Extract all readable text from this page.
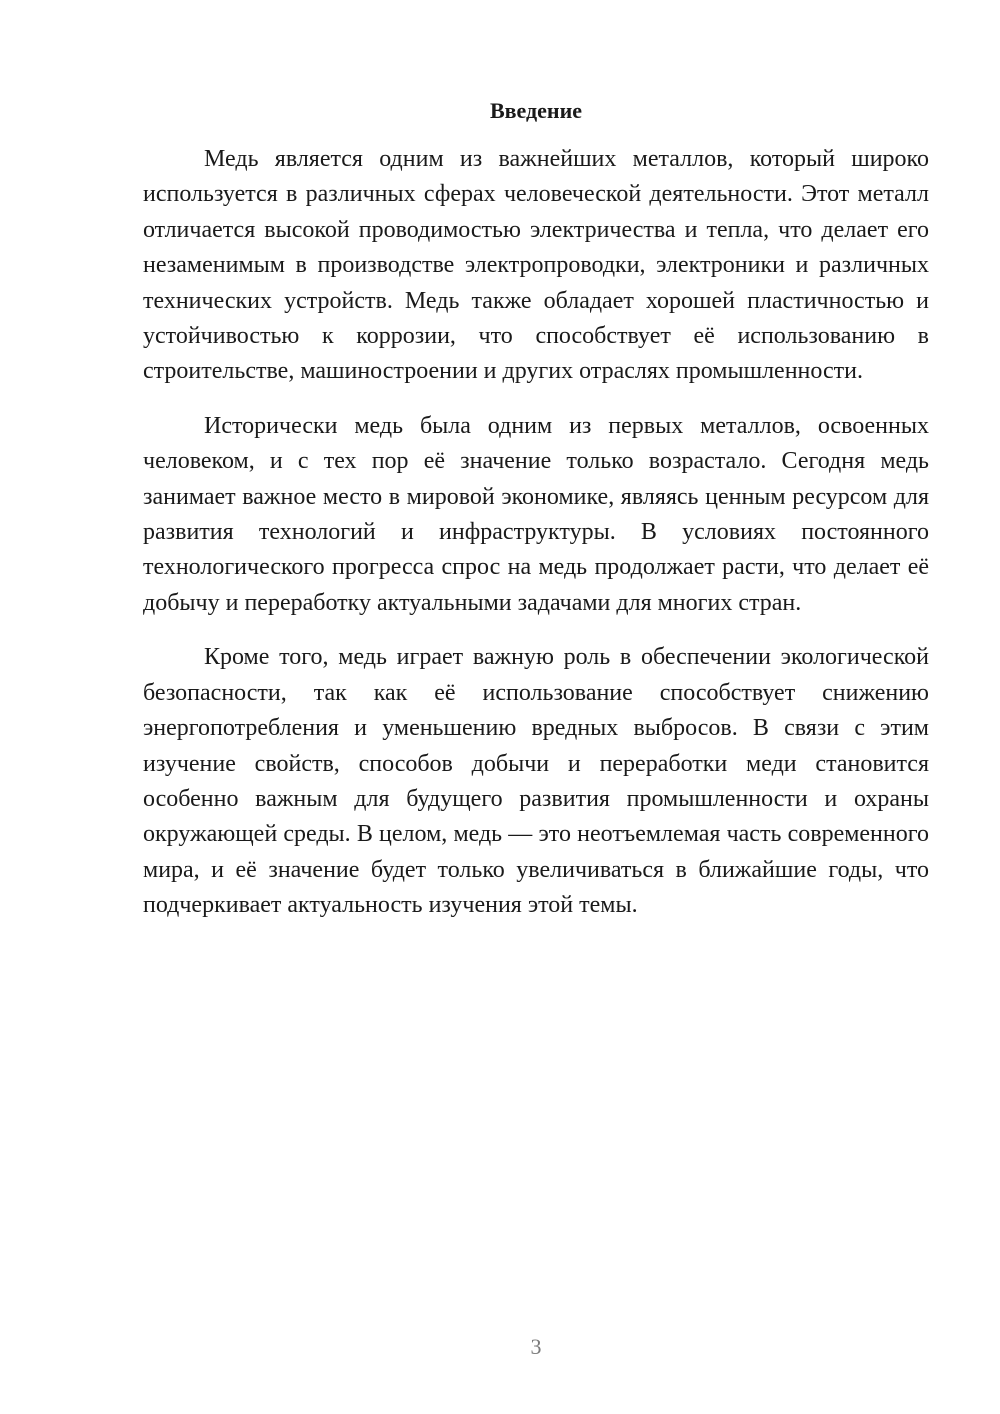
Введение

Медь является одним из важнейших металлов, который широко используется в различных сферах человеческой деятельности. Этот металл отличается высокой проводимостью электричества и тепла, что делает его незаменимым в производстве электропроводки, электроники и различных технических устройств. Медь также обладает хорошей пластичностью и устойчивостью к коррозии, что способствует её использованию в строительстве, машиностроении и других отраслях промышленности.

Исторически медь была одним из первых металлов, освоенных человеком, и с тех пор её значение только возрастало. Сегодня медь занимает важное место в мировой экономике, являясь ценным ресурсом для развития технологий и инфраструктуры. В условиях постоянного технологического прогресса спрос на медь продолжает расти, что делает её добычу и переработку актуальными задачами для многих стран.

Кроме того, медь играет важную роль в обеспечении экологической безопасности, так как её использование способствует снижению энергопотребления и уменьшению вредных выбросов. В связи с этим изучение свойств, способов добычи и переработки меди становится особенно важным для будущего развития промышленности и охраны окружающей среды. В целом, медь — это неотъемлемая часть современного мира, и её значение будет только увеличиваться в ближайшие годы, что подчеркивает актуальность изучения этой темы.

3
